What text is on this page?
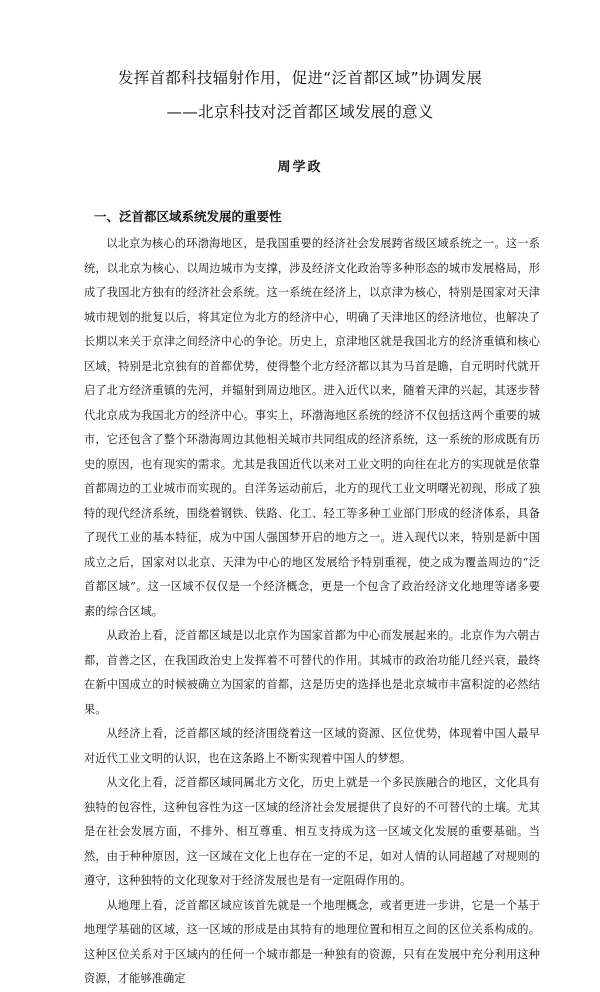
发挥首都科技辐射作用，促进“泛首都区域”协调发展
——北京科技对泛首都区域发展的意义
周学政
一、泛首都区域系统发展的重要性

以北京为核心的环渤海地区，是我国重要的经济社会发展跨省级区域系统之一。这一系统，以北京为核心、以周边城市为支撑，涉及经济文化政治等多种形态的城市发展格局，形成了我国北方独有的经济社会系统。这一系统在经济上，以京津为核心，特别是国家对天津城市规划的批复以后，将其定位为北方的经济中心，明确了天津地区的经济地位，也解决了长期以来关于京津之间经济中心的争论。历史上，京津地区就是我国北方的经济重镇和核心区域，特别是北京独有的首都优势，使得整个北方经济都以其为马首是瞻，自元明时代就开启了北方经济重镇的先河，并辐射到周边地区。进入近代以来，随着天津的兴起，其逐步替代北京成为我国北方的经济中心。事实上，环渤海地区系统的经济不仅包括这两个重要的城市，它还包含了整个环渤海周边其他相关城市共同组成的经济系统，这一系统的形成既有历史的原因，也有现实的需求。尤其是我国近代以来对工业文明的向往在北方的实现就是依靠首都周边的工业城市而实现的。自洋务运动前后，北方的现代工业文明曙光初现，形成了独特的现代经济系统，围绕着钢铁、铁路、化工、轻工等多种工业部门形成的经济体系，具备了现代工业的基本特征，成为中国人强国梦开启的地方之一。进入现代以来，特别是新中国成立之后，国家对以北京、天津为中心的地区发展给予特别重视，使之成为覆盖周边的“泛首都区域”。这一区域不仅仅是一个经济概念，更是一个包含了政治经济文化地理等诸多要素的综合区域。

从政治上看，泛首都区域是以北京作为国家首都为中心而发展起来的。北京作为六朝古都，首善之区，在我国政治史上发挥着不可替代的作用。其城市的政治功能几经兴衰，最终在新中国成立的时候被确立为国家的首都，这是历史的选择也是北京城市丰富积淀的必然结果。

从经济上看，泛首都区域的经济围绕着这一区域的资源、区位优势，体现着中国人最早对近代工业文明的认识，也在这条路上不断实现着中国人的梦想。

从文化上看，泛首都区域同属北方文化，历史上就是一个多民族融合的地区，文化具有独特的包容性，这种包容性为这一区域的经济社会发展提供了良好的不可替代的土壤。尤其是在社会发展方面，不排外、相互尊重、相互支持成为这一区域文化发展的重要基础。当然，由于种种原因，这一区域在文化上也存在一定的不足，如对人情的认同超越了对规则的遵守，这种独特的文化现象对于经济发展也是有一定阻碍作用的。

从地理上看，泛首都区域应该首先就是一个地理概念，或者更进一步讲，它是一个基于地理学基础的区域，这一区域的形成是由其特有的地理位置和相互之间的区位关系构成的。这种区位关系对于区域内的任何一个城市都是一种独有的资源，只有在发展中充分利用这种资源，才能够准确定
